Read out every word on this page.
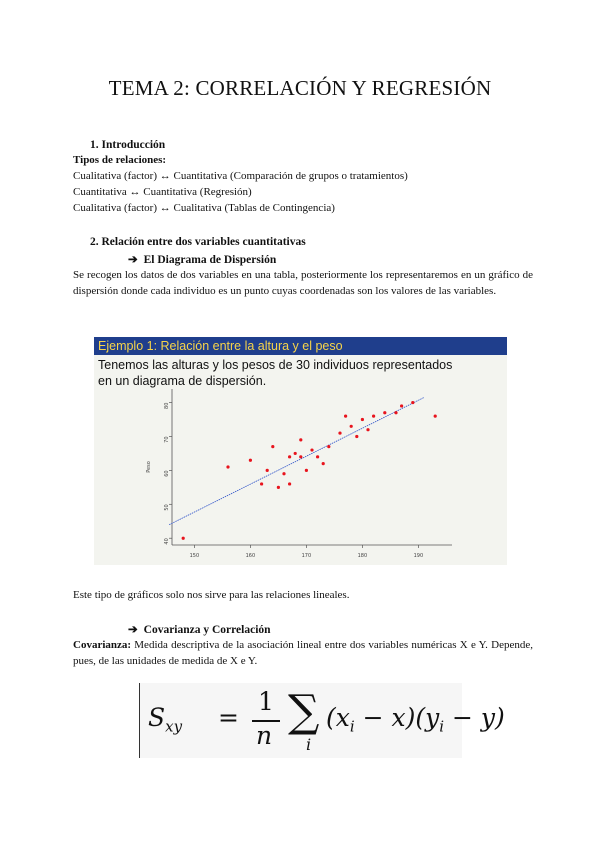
TEMA 2: CORRELACIÓN Y REGRESIÓN
1. Introducción
Tipos de relaciones:
Cualitativa (factor) ↔ Cuantitativa (Comparación de grupos o tratamientos)
Cuantitativa ↔ Cuantitativa (Regresión)
Cualitativa (factor) ↔ Cualitativa (Tablas de Contingencia)
2. Relación entre dos variables cuantitativas
➔ El Diagrama de Dispersión
Se recogen los datos de dos variables en una tabla, posteriormente los representaremos en un gráfico de dispersión donde cada individuo es un punto cuyas coordenadas son los valores de las variables.
Ejemplo 1: Relación entre la altura y el peso
Tenemos las alturas y los pesos de 30 individuos representados en un diagrama de dispersión.
150	160	170	180	190
40
50
60
70
80
Peso
Este tipo de gráficos solo nos sirve para las relaciones lineales.
➔ Covarianza y Correlación
Covarianza: Medida descriptiva de la asociación lineal entre dos variables numéricas X e Y. Depende, pues, de las unidades de medida de X e Y.
$S_{xy}$ =
1
n ∑
i
$(x_i - x)(y_i - y)$
